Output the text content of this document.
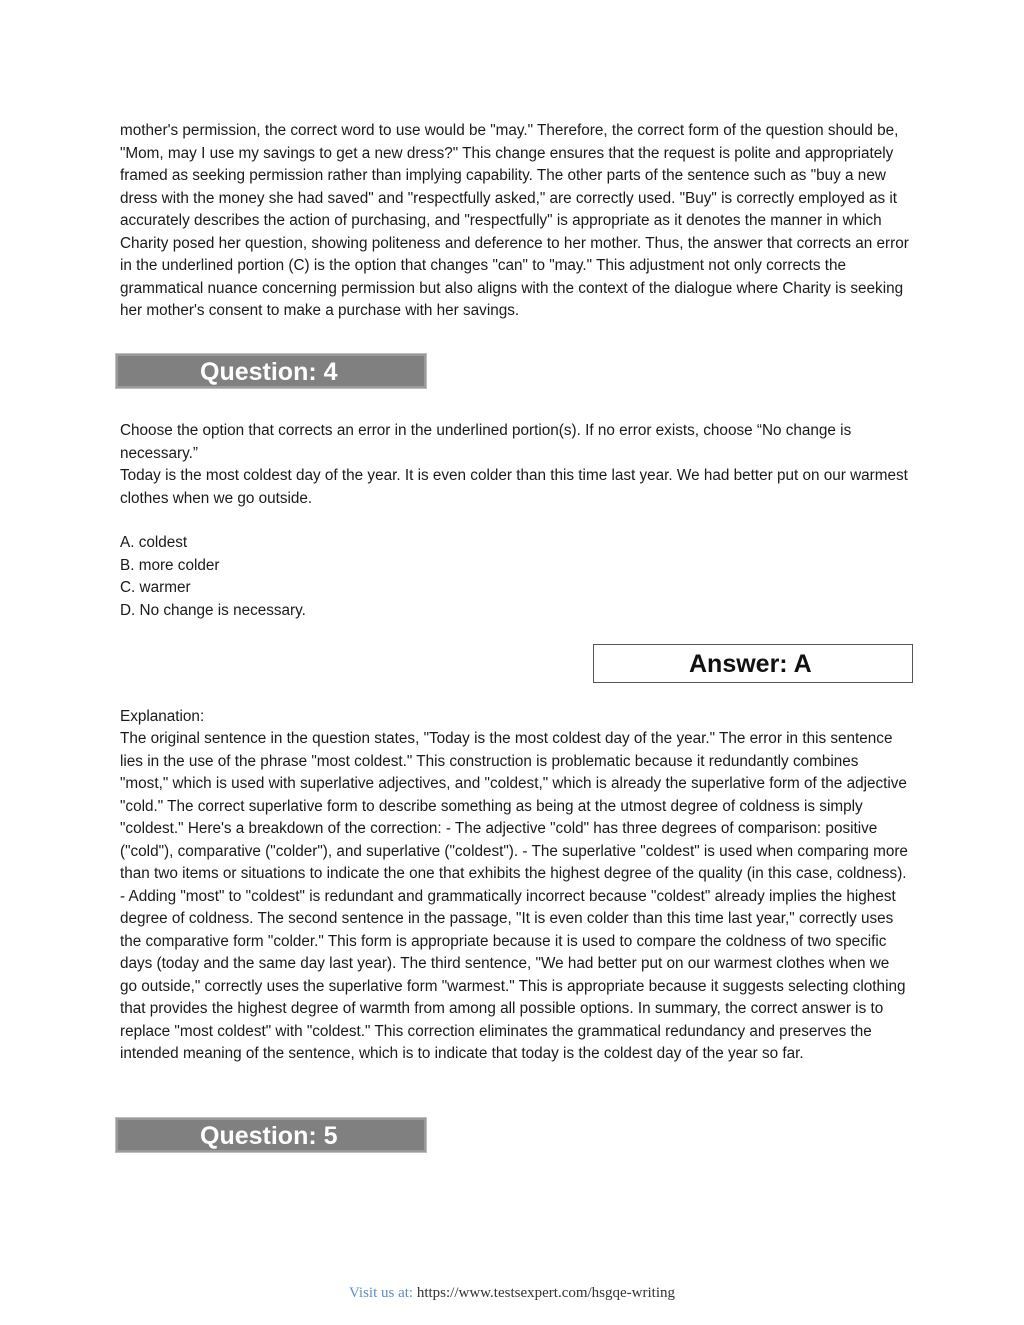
mother's permission, the correct word to use would be "may." Therefore, the correct form of the question should be, "Mom, may I use my savings to get a new dress?" This change ensures that the request is polite and appropriately framed as seeking permission rather than implying capability. The other parts of the sentence such as "buy a new dress with the money she had saved" and "respectfully asked," are correctly used. "Buy" is correctly employed as it accurately describes the action of purchasing, and "respectfully" is appropriate as it denotes the manner in which Charity posed her question, showing politeness and deference to her mother. Thus, the answer that corrects an error in the underlined portion (C) is the option that changes "can" to "may." This adjustment not only corrects the grammatical nuance concerning permission but also aligns with the context of the dialogue where Charity is seeking her mother's consent to make a purchase with her savings.

Question: 4

Choose the option that corrects an error in the underlined portion(s). If no error exists, choose “No change is necessary.”

Today is the most coldest day of the year. It is even colder than this time last year. We had better put on our warmest clothes when we go outside.

A. coldest
B. more colder
C. warmer
D. No change is necessary.
Answer: A

Explanation:

The original sentence in the question states, "Today is the most coldest day of the year." The error in this sentence lies in the use of the phrase "most coldest." This construction is problematic because it redundantly combines "most," which is used with superlative adjectives, and "coldest," which is already the superlative form of the adjective "cold." The correct superlative form to describe something as being at the utmost degree of coldness is simply "coldest." Here's a breakdown of the correction: - The adjective "cold" has three degrees of comparison: positive ("cold"), comparative ("colder"), and superlative ("coldest"). - The superlative "coldest" is used when comparing more than two items or situations to indicate the one that exhibits the highest degree of the quality (in this case, coldness). - Adding "most" to "coldest" is redundant and grammatically incorrect because "coldest" already implies the highest degree of coldness. The second sentence in the passage, "It is even colder than this time last year," correctly uses the comparative form "colder." This form is appropriate because it is used to compare the coldness of two specific days (today and the same day last year). The third sentence, "We had better put on our warmest clothes when we go outside," correctly uses the superlative form "warmest." This is appropriate because it suggests selecting clothing that provides the highest degree of warmth from among all possible options. In summary, the correct answer is to replace "most coldest" with "coldest." This correction eliminates the grammatical redundancy and preserves the intended meaning of the sentence, which is to indicate that today is the coldest day of the year so far.

Question: 5
Visit us at: https://www.testsexpert.com/hsgqe-writing
